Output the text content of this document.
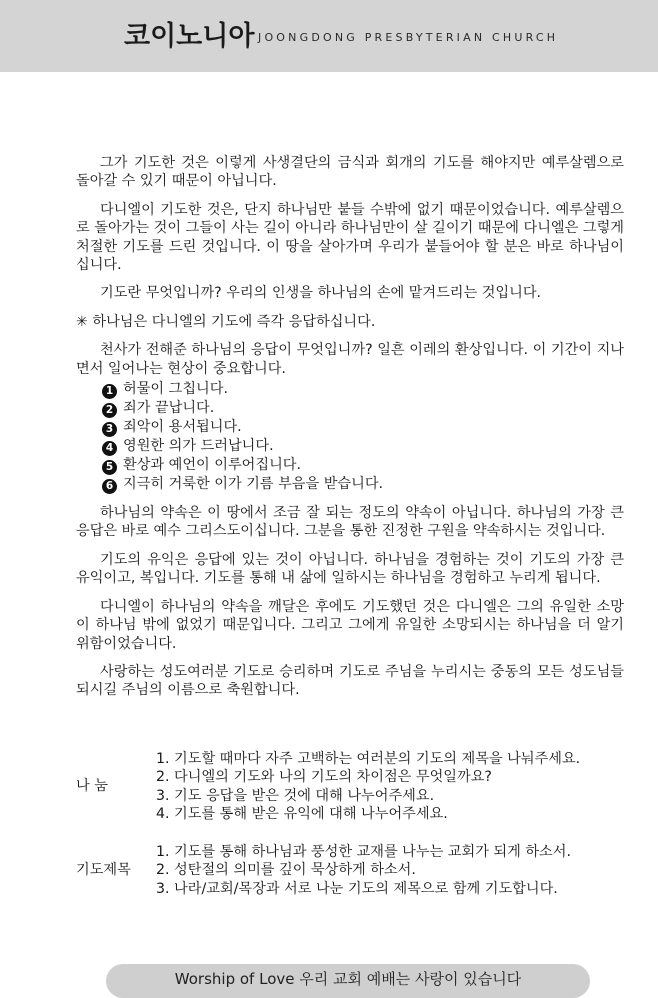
코이노니아 JOONGDONG PRESBYTERIAN CHURCH

그가 기도한 것은 이렇게 사생결단의 금식과 회개의 기도를 해야지만 예루살렘으로 돌아갈 수 있기 때문이 아닙니다.

다니엘이 기도한 것은, 단지 하나님만 붙들 수밖에 없기 때문이었습니다. 예루살렘으로 돌아가는 것이 그들이 사는 길이 아니라 하나님만이 살 길이기 때문에 다니엘은 그렇게 처절한 기도를 드린 것입니다. 이 땅을 살아가며 우리가 붙들어야 할 분은 바로 하나님이십니다.

기도란 무엇입니까? 우리의 인생을 하나님의 손에 맡겨드리는 것입니다.

✳ 하나님은 다니엘의 기도에 즉각 응답하십니다.

천사가 전해준 하나님의 응답이 무엇입니까? 일흔 이레의 환상입니다. 이 기간이 지나면서 일어나는 현상이 중요합니다.

1 허물이 그칩니다.
2 죄가 끝납니다.
3 죄악이 용서됩니다.
4 영원한 의가 드러납니다.
5 환상과 예언이 이루어집니다.
6 지극히 거룩한 이가 기름 부음을 받습니다.

하나님의 약속은 이 땅에서 조금 잘 되는 정도의 약속이 아닙니다. 하나님의 가장 큰 응답은 바로 예수 그리스도이십니다. 그분을 통한 진정한 구원을 약속하시는 것입니다.

기도의 유익은 응답에 있는 것이 아닙니다. 하나님을 경험하는 것이 기도의 가장 큰 유익이고, 복입니다. 기도를 통해 내 삶에 일하시는 하나님을 경험하고 누리게 됩니다.

다니엘이 하나님의 약속을 깨달은 후에도 기도했던 것은 다니엘은 그의 유일한 소망이 하나님 밖에 없었기 때문입니다. 그리고 그에게 유일한 소망되시는 하나님을 더 알기 위함이었습니다.

사랑하는 성도여러분 기도로 승리하며 기도로 주님을 누리시는 중동의 모든 성도님들 되시길 주님의 이름으로 축원합니다.

나 눔
1. 기도할 때마다 자주 고백하는 여러분의 기도의 제목을 나눠주세요.
2. 다니엘의 기도와 나의 기도의 차이점은 무엇일까요?
3. 기도 응답을 받은 것에 대해 나누어주세요.
4. 기도를 통해 받은 유익에 대해 나누어주세요.
기도제목
1. 기도를 통해 하나님과 풍성한 교재를 나누는 교회가 되게 하소서.
2. 성탄절의 의미를 깊이 묵상하게 하소서.
3. 나라/교회/목장과 서로 나눈 기도의 제목으로 함께 기도합니다.
Worship of Love 우리 교회 예배는 사랑이 있습니다
